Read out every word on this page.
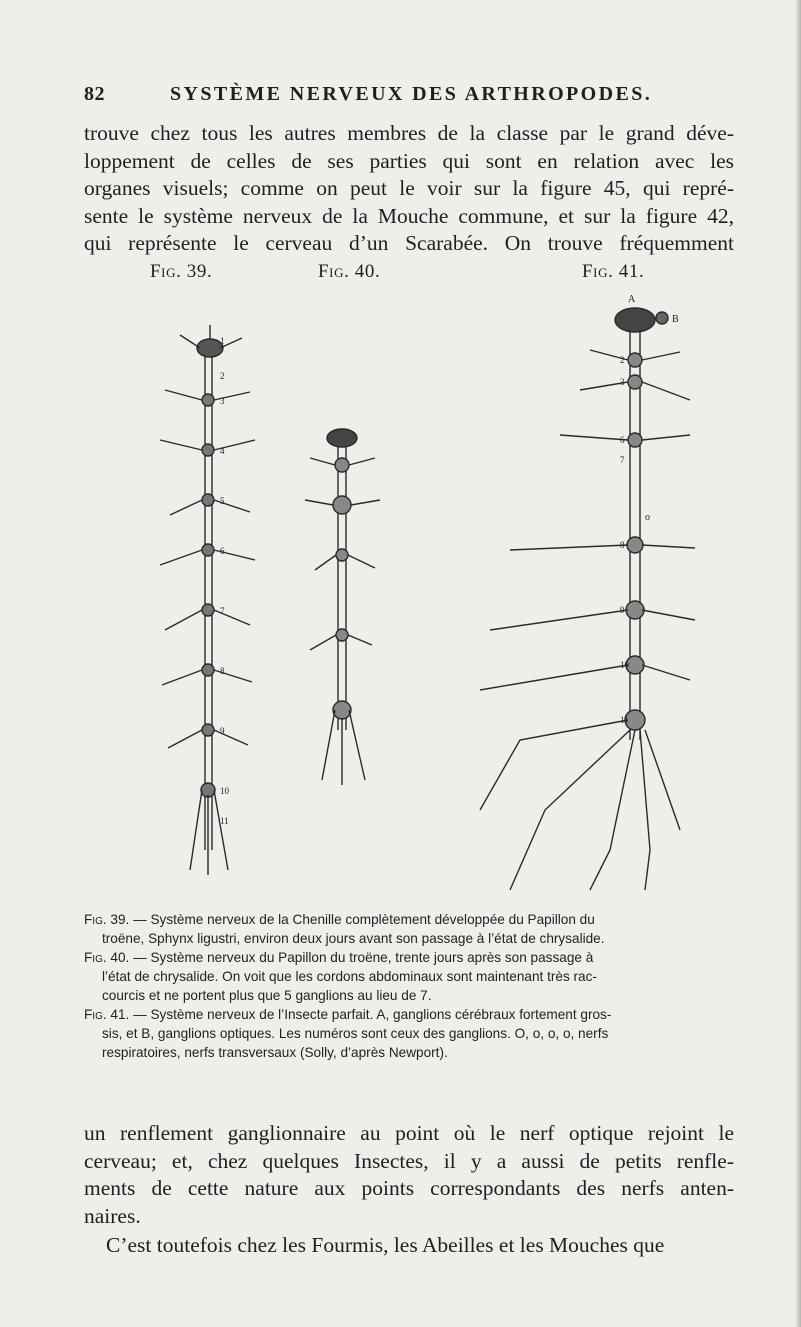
82	SYSTÈME NERVEUX DES ARTHROPODES.

trouve chez tous les autres membres de la classe par le grand déve-
loppement de celles de ses parties qui sont en relation avec les
organes visuels; comme on peut le voir sur la figure 45, qui repré-
sente le système nerveux de la Mouche commune, et sur la figure 42,
qui représente le cerveau d’un Scarabée. On trouve fréquemment

Fig. 39.	Fig. 40.	Fig. 41.
1
2
3
4
5
6
7
8
9
10
11
2
3
6
7
8
9
10
11
A
B
o

Fig. 39. — Système nerveux de la Chenille complètement développée du Papillon du
troëne, Sphynx ligustri, environ deux jours avant son passage à l’état de chrysalide.

Fig. 40. — Système nerveux du Papillon du troëne, trente jours après son passage à
l’état de chrysalide. On voit que les cordons abdominaux sont maintenant très rac-
courcis et ne portent plus que 5 ganglions au lieu de 7.

Fig. 41. — Système nerveux de l’Insecte parfait. A, ganglions cérébraux fortement gros-
sis, et B, ganglions optiques. Les numéros sont ceux des ganglions. O, o, o, o, nerfs
respiratoires, nerfs transversaux (Solly, d’après Newport).

un renflement ganglionnaire au point où le nerf optique rejoint le
cerveau; et, chez quelques Insectes, il y a aussi de petits renfle-
ments de cette nature aux points correspondants des nerfs anten-
naires.

C’est toutefois chez les Fourmis, les Abeilles et les Mouches que
